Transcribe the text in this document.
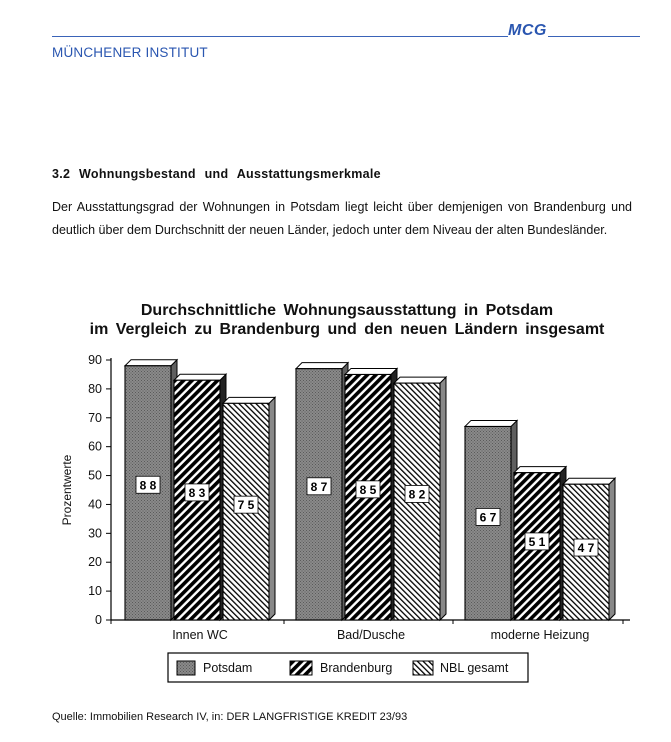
MCG
MÜNCHENER INSTITUT
3.2 Wohnungsbestand und Ausstattungsmerkmale
Der Ausstattungsgrad der Wohnungen in Potsdam liegt leicht über demjenigen von Brandenburg und deutlich über dem Durchschnitt der neuen Länder, jedoch unter dem Niveau der alten Bundesländer.
Durchschnittliche Wohnungsausstattung in Potsdam
im Vergleich zu Brandenburg und den neuen Ländern insgesamt
Prozentwerte
0
10
20
30
40
50
60
70
80
90
8 8
8 3
7 5
8 7	8 5	8 2
6 7
5 1	4 7
Innen WC	Bad/Dusche	moderne Heizung
Potsdam	Brandenburg	NBL gesamt
Quelle: Immobilien Research IV, in: DER LANGFRISTIGE KREDIT 23/93
